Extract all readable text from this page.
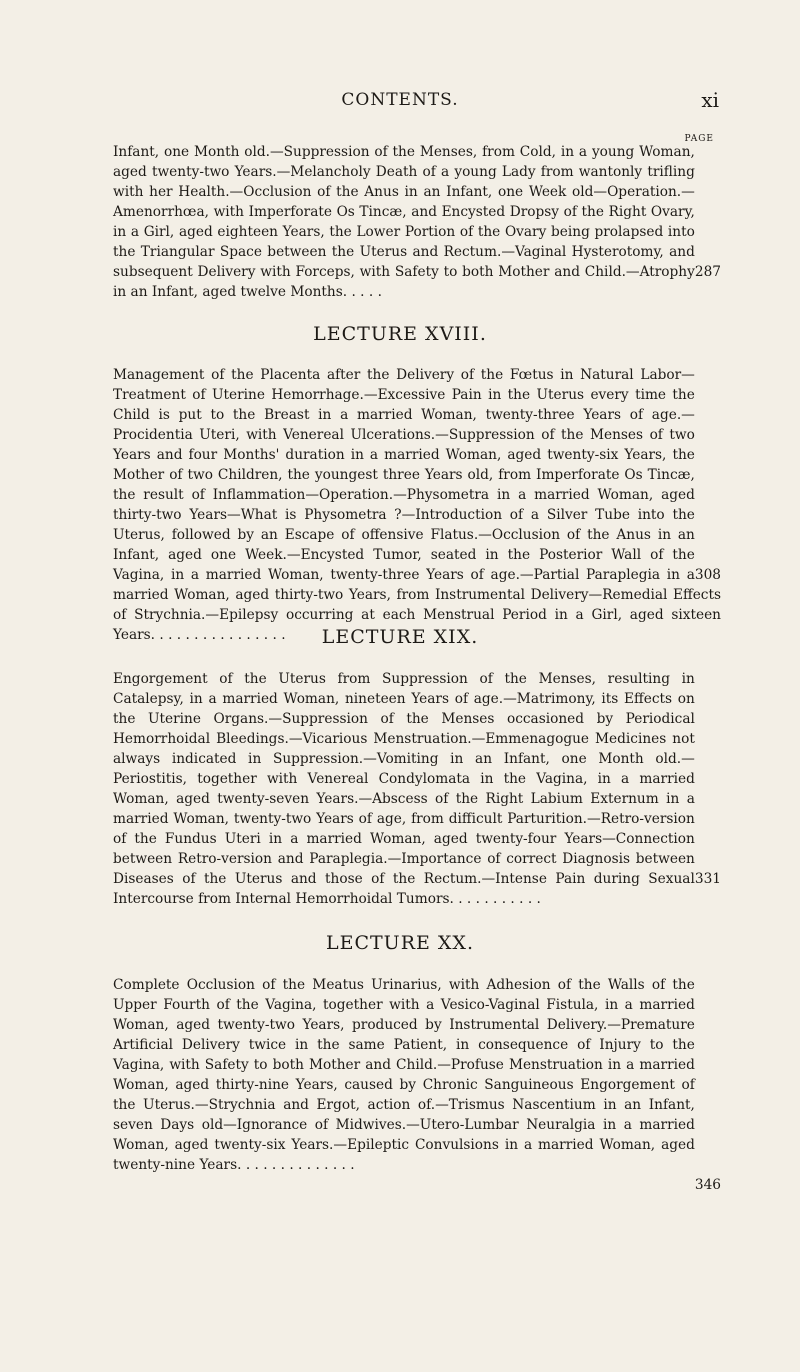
CONTENTS.	xi
PAGE
287
Infant, one Month old.—Suppression of the Menses, from Cold, in a young Woman, aged twenty-two Years.—Melancholy Death of a young Lady from wantonly trifling with her Health.—Occlusion of the Anus in an Infant, one Week old—Operation.—Amenorrhœa, with Imperforate Os Tincæ, and Encysted Dropsy of the Right Ovary, in a Girl, aged eighteen Years, the Lower Portion of the Ovary being prolapsed into the Triangular Space between the Uterus and Rectum.—Vaginal Hysterotomy, and subsequent Delivery with Forceps, with Safety to both Mother and Child.—Atrophy in an Infant, aged twelve Months. . . . .
LECTURE XVIII.
308
Management of the Placenta after the Delivery of the Fœtus in Natural Labor—Treatment of Uterine Hemorrhage.—Excessive Pain in the Uterus every time the Child is put to the Breast in a married Woman, twenty-three Years of age.—Procidentia Uteri, with Venereal Ulcerations.—Suppression of the Menses of two Years and four Months' duration in a married Woman, aged twenty-six Years, the Mother of two Children, the youngest three Years old, from Imperforate Os Tincæ, the result of Inflammation—Operation.—Physometra in a married Woman, aged thirty-two Years—What is Physometra ?—Introduction of a Silver Tube into the Uterus, followed by an Escape of offensive Flatus.—Occlusion of the Anus in an Infant, aged one Week.—Encysted Tumor, seated in the Posterior Wall of the Vagina, in a married Woman, twenty-three Years of age.—Partial Paraplegia in a married Woman, aged thirty-two Years, from Instrumental Delivery—Remedial Effects of Strychnia.—Epilepsy occurring at each Menstrual Period in a Girl, aged sixteen Years. . . . . . . . . . . . . . . .	LECTURE XIX.
331
Engorgement of the Uterus from Suppression of the Menses, resulting in Catalepsy, in a married Woman, nineteen Years of age.—Matrimony, its Effects on the Uterine Organs.—Suppression of the Menses occasioned by Periodical Hemorrhoidal Bleedings.—Vicarious Menstruation.—Emmenagogue Medicines not always indicated in Suppression.—Vomiting in an Infant, one Month old.—Periostitis, together with Venereal Condylomata in the Vagina, in a married Woman, aged twenty-seven Years.—Abscess of the Right Labium Externum in a married Woman, twenty-two Years of age, from difficult Parturition.—Retro-version of the Fundus Uteri in a married Woman, aged twenty-four Years—Connection between Retro-version and Paraplegia.—Importance of correct Diagnosis between Diseases of the Uterus and those of the Rectum.—Intense Pain during Sexual Intercourse from Internal Hemorrhoidal Tumors. . . . . . . . . . .
LECTURE XX.
346
Complete Occlusion of the Meatus Urinarius, with Adhesion of the Walls of the Upper Fourth of the Vagina, together with a Vesico-Vaginal Fistula, in a married Woman, aged twenty-two Years, produced by Instrumental Delivery.—Premature Artificial Delivery twice in the same Patient, in consequence of Injury to the Vagina, with Safety to both Mother and Child.—Profuse Menstruation in a married Woman, aged thirty-nine Years, caused by Chronic Sanguineous Engorgement of the Uterus.—Strychnia and Ergot, action of.—Trismus Nascentium in an Infant, seven Days old—Ignorance of Midwives.—Utero-Lumbar Neuralgia in a married Woman, aged twenty-six Years.—Epileptic Convulsions in a married Woman, aged twenty-nine Years. . . . . . . . . . . . . .
